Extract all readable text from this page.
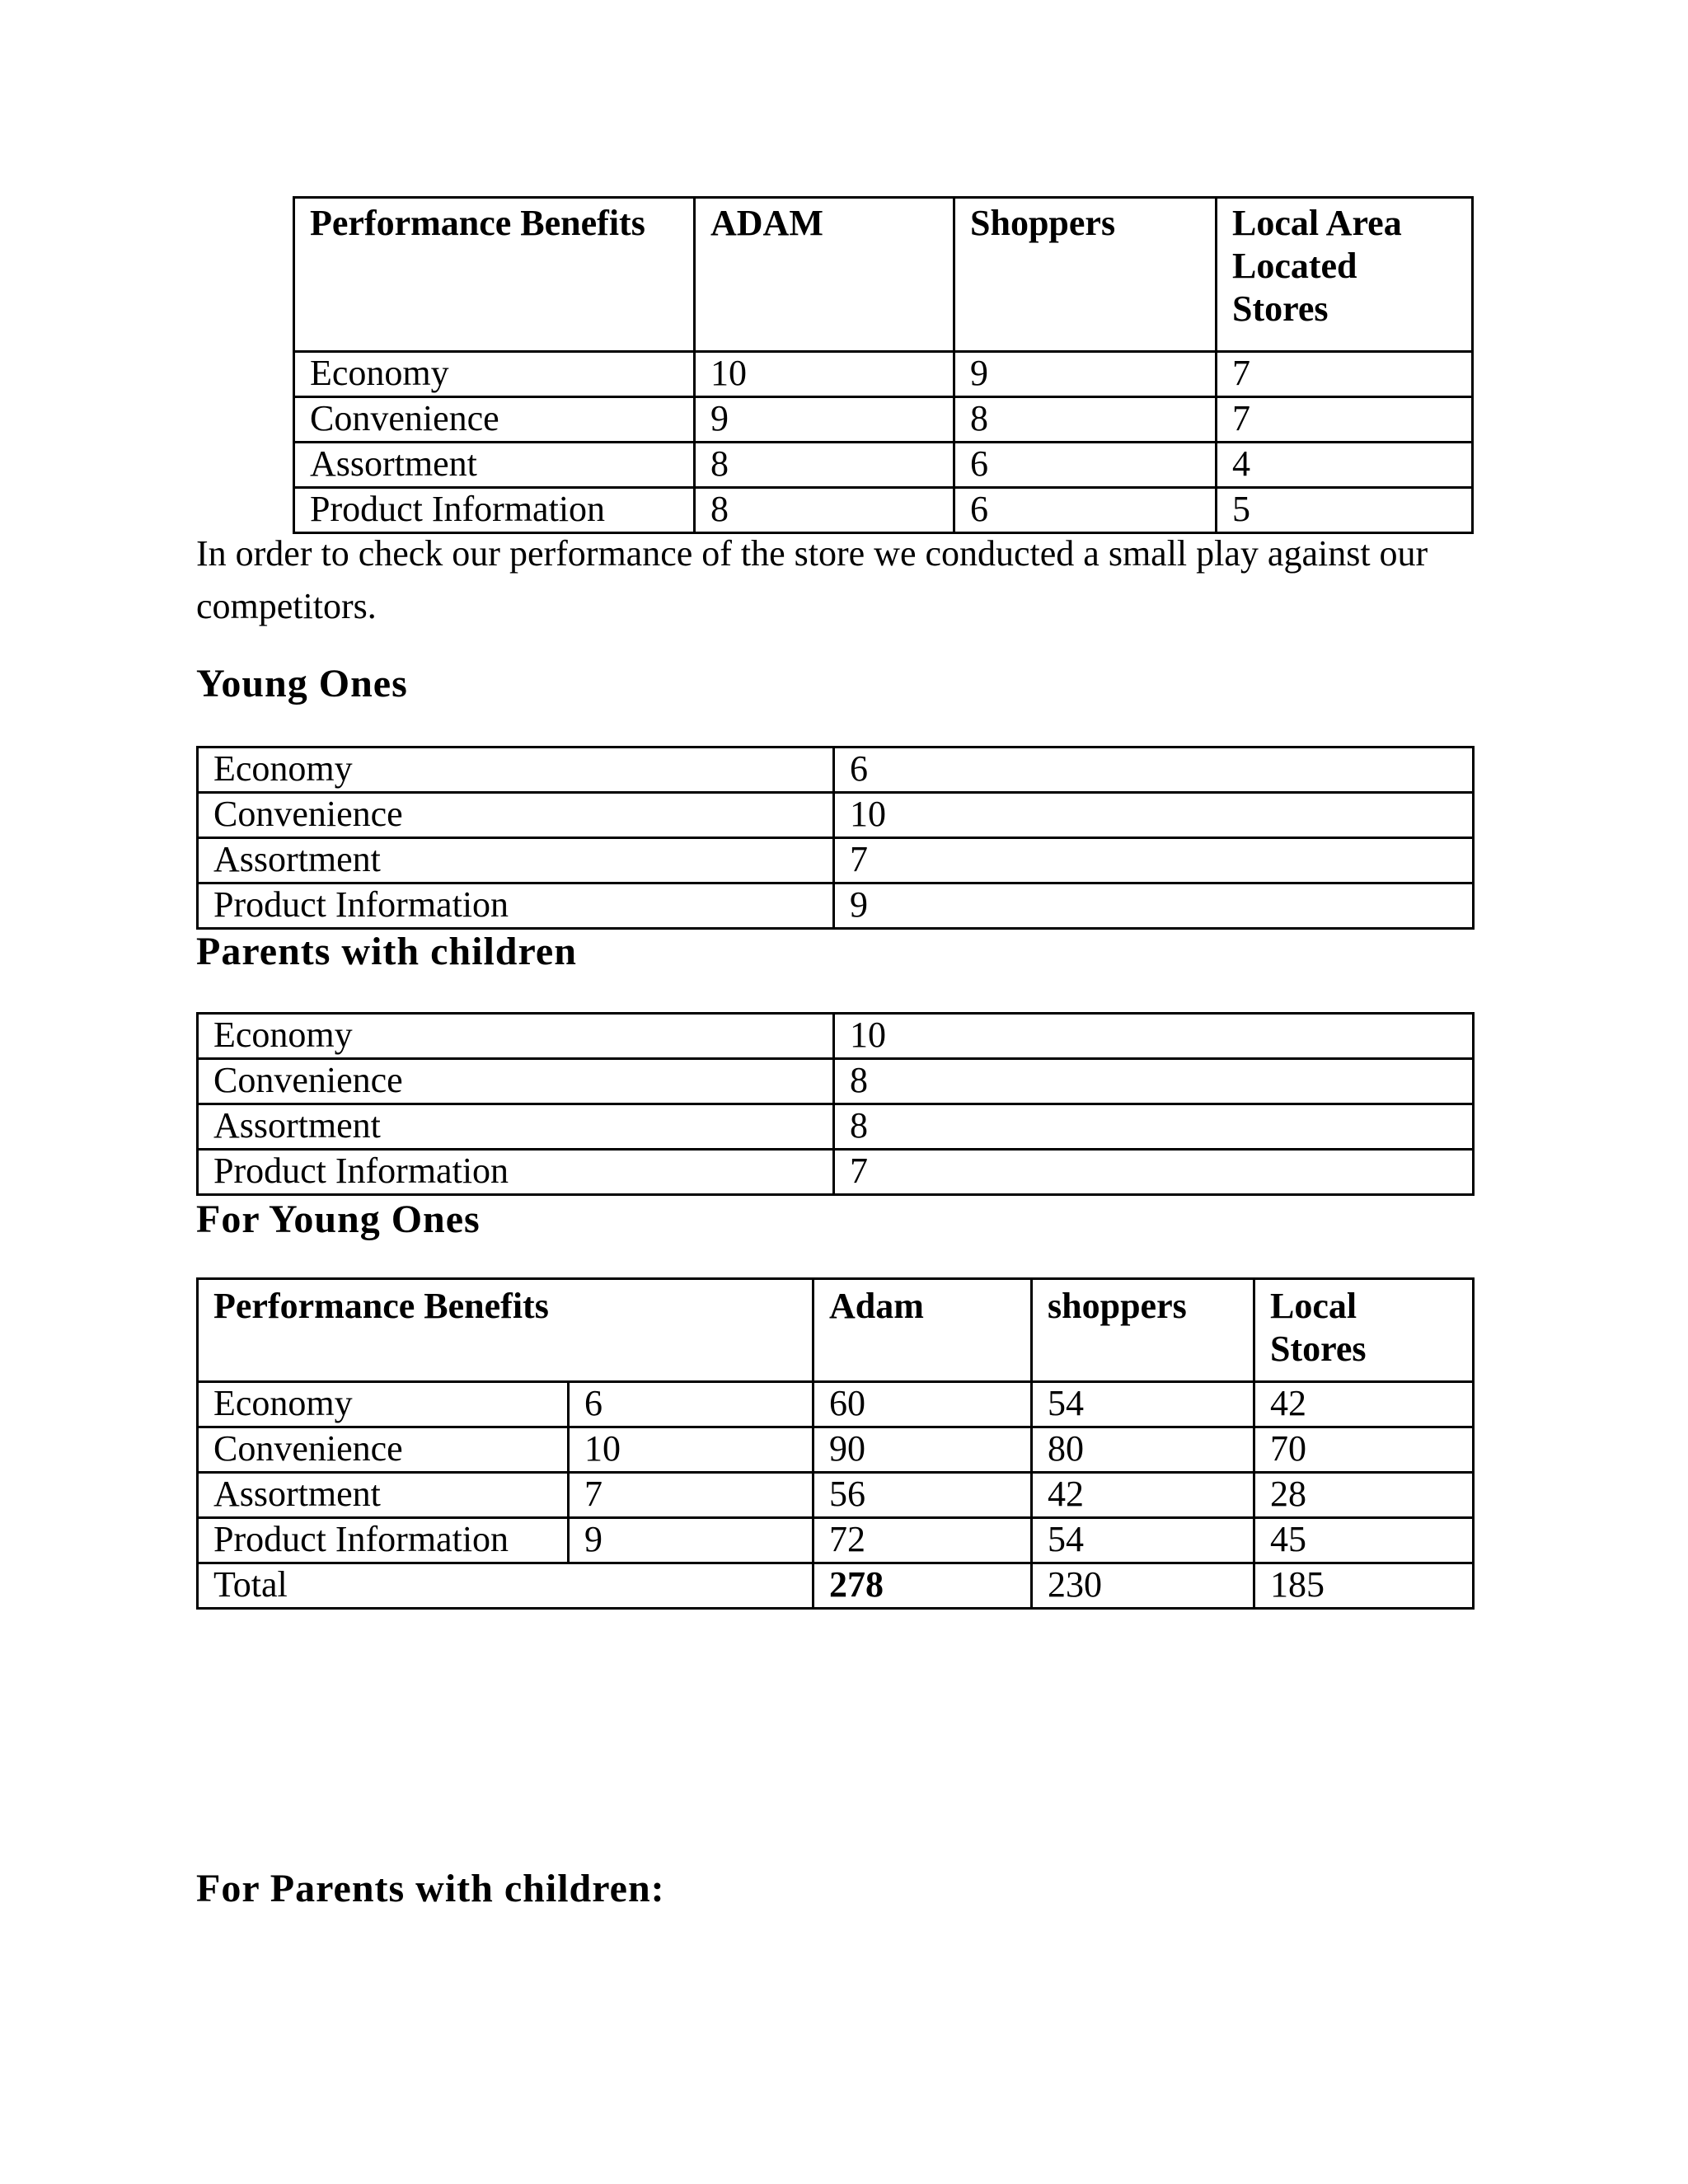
Performance Benefits	ADAM	Shoppers	Local Area Located Stores
Economy	10	9	7
Convenience	9	8	7
Assortment	8	6	4
Product Information	8	6	5

In order to check our performance of the store we conducted a small play against our competitors.

Young Ones
Economy	6
Convenience	10
Assortment	7
Product Information	9
Parents with children
Economy	10
Convenience	8
Assortment	8
Product Information	7
For Young Ones
Performance Benefits		Adam	shoppers	Local Stores
Economy	6	60	54	42
Convenience	10	90	80	70
Assortment	7	56	42	28
Product Information	9	72	54	45
Total		278	230	185
For Parents with children:
